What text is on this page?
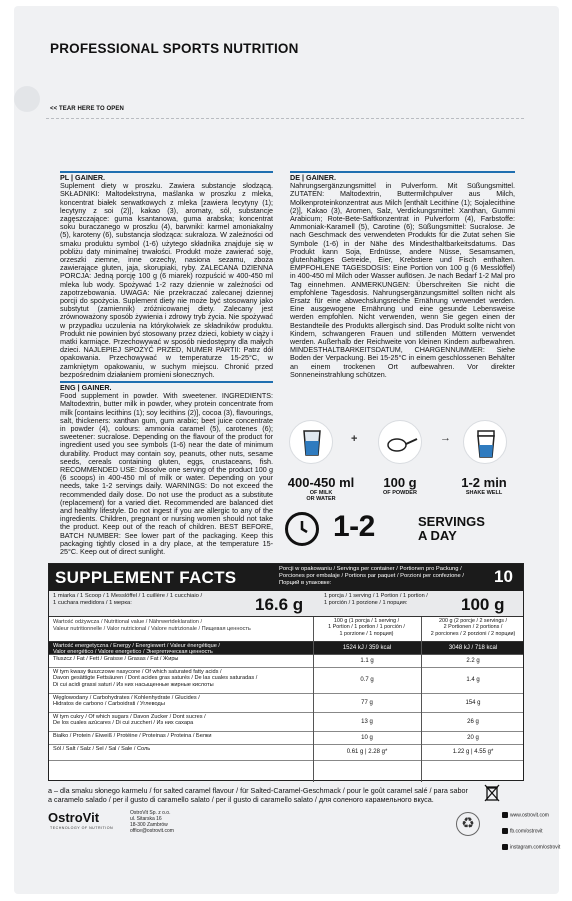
PROFESSIONAL SPORTS NUTRITION
<< TEAR HERE TO OPEN
PL | GAINER.

Suplement diety w proszku. Zawiera substancje słodzącą. SKŁADNIKI: Maltodekstryna, maślanka w proszku z mleka, koncentrat białek serwatkowych z mleka [zawiera lecytyny (1); lecytyny z soi (2)], kakao (3), aromaty, sól, substancje zagęszczające: guma ksantanowa, guma arabska; koncentrat soku buraczanego w proszku (4), barwniki: karmel amoniakalny (5), karoteny (6), substancja słodząca: sukraloza. W zależności od smaku produktu symbol (1-6) użytego składnika znajduje się w pobliżu daty minimalnej trwałości. Produkt może zawierać soję, orzeszki ziemne, inne orzechy, nasiona sezamu, zboża zawierające gluten, jaja, skorupiaki, ryby. ZALECANA DZIENNA PORCJA: Jedną porcję 100 g (6 miarek) rozpuścić w 400-450 ml mleka lub wody. Spożywać 1-2 razy dziennie w zależności od zapotrzebowania. UWAGA: Nie przekraczać zalecanej dziennej porcji do spożycia. Suplement diety nie może być stosowany jako substytut (zamiennik) zróżnicowanej diety. Zalecany jest zrównoważony sposób żywienia i zdrowy tryb życia. Nie spożywać w przypadku uczulenia na którykolwiek ze składników produktu. Produkt nie powinien być stosowany przez dzieci, kobiety w ciąży i matki karmiące. Przechowywać w sposób niedostępny dla małych dzieci. NAJLEPIEJ SPOŻYĆ PRZED, NUMER PARTII: Patrz dół opakowania. Przechowywać w temperaturze 15-25°C, w zamkniętym opakowaniu, w suchym miejscu. Chronić przed bezpośrednim działaniem promieni słonecznych.

DE | GAINER.

Nahrungsergänzungsmittel in Pulverform. Mit Süßungsmittel. ZUTATEN: Maltodextrin, Buttermilchpulver aus Milch, Molkenproteinkonzentrat aus Milch [enthält Lecithine (1); Sojalecithine (2)], Kakao (3), Aromen, Salz, Verdickungsmittel: Xanthan, Gummi Arabicum; Rote-Bete-Saftkonzentrat in Pulverform (4), Farbstoffe: Ammoniak-Karamell (5), Carotine (6); Süßungsmittel: Sucralose. Je nach Geschmack des verwendeten Produkts für die Zutat sehen Sie Symbole (1-6) in der Nähe des Mindesthaltbarkeitsdatums. Das Produkt kann Soja, Erdnüsse, andere Nüsse, Sesamsamen, glutenhaltiges Getreide, Eier, Krebstiere und Fisch enthalten. EMPFOHLENE TAGESDOSIS: Eine Portion von 100 g (6 Messlöffel) in 400-450 ml Milch oder Wasser auflösen. Je nach Bedarf 1-2 Mal pro Tag einnehmen. ANMERKUNGEN: Überschreiten Sie nicht die empfohlene Tagesdosis. Nahrungsergänzungsmittel sollten nicht als Ersatz für eine abwechslungsreiche Ernährung verwendet werden. Eine ausgewogene Ernährung und eine gesunde Lebensweise werden empfohlen. Nicht verwenden, wenn Sie gegen einen der Bestandteile des Produkts allergisch sind. Das Produkt sollte nicht von Kindern, schwangeren Frauen und stillenden Müttern verwendet werden. Außerhalb der Reichweite von kleinen Kindern aufbewahren. MINDESTHALTBARKEITSDATUM, CHARGENNUMMER: Siehe Boden der Verpackung. Bei 15-25°C in einem geschlossenen Behälter an einem trockenen Ort aufbewahren. Vor direkter Sonneneinstrahlung schützen.

ENG | GAINER.

Food supplement in powder. With sweetener. INGREDIENTS: Maltodextrin, butter milk in powder, whey protein concentrate from milk [contains lecithins (1); soy lecithins (2)], cocoa (3), flavourings, salt, thickeners: xanthan gum, gum arabic; beet juice concentrate in powder (4), colours: ammonia caramel (5), carotenes (6); sweetener: sucralose. Depending on the flavour of the product for ingredient used you see symbols (1-6) near the date of minimum durability. Product may contain soy, peanuts, other nuts, sesame seeds, cereals containing gluten, eggs, crustaceans, fish. RECOMMENDED USE: Dissolve one serving of the product 100 g (6 scoops) in 400-450 ml of milk or water. Depending on your needs, take 1-2 servings daily. WARNINGS: Do not exceed the recommended daily dose. Do not use the product as a substitute (replacement) for a varied diet. Recommended are balanced diet and healthy lifestyle. Do not ingest if you are allergic to any of the ingredients. Children, pregnant or nursing women should not take the product. Keep out of the reach of children. BEST BEFORE, BATCH NUMBER: See lower part of the packaging. Keep this packaging tightly closed in a dry place, at the temperature 15-25°C. Keep out of direct sunlight.

+	→
400-450 ml
OF MILK
OR WATER
100 g
OF POWDER
1-2 min
SHAKE WELL
1-2	SERVINGS
A DAY
SUPPLEMENT FACTS	Porcji w opakowaniu / Servings per container / Portionen pro Packung /
Porciones por embalaje / Portions par paquet / Porzioni per confezione /
Порций в упаковке:	10
1 miarka / 1 Scoop / 1 Messlöffel / 1 cuillère / 1 cucchiaio /
1 cuchara medidora / 1 мерка:	16.6 g	1 porcja / 1 serving / 1 Portion / 1 portion /
1 porción / 1 porzione / 1 порция:	100 g
Wartość odżywcza / Nutritional value / Nährwertdeklaration /
Valeur nutritionnelle / Valor nutricional / Valore nutrizionale / Пищевая ценность
100 g (1 porcja / 1 serving /
1 Portion / 1 portion / 1 porción /
1 porzione / 1 порция)
200 g (2 porcje / 2 servings /
2 Portionen / 2 portions /
2 porciones / 2 porzioni / 2 порции)
Wartość energetyczna / Energy / Energiewert / Valeur énergétique /
Valor energético / Valore energetico / Энергетическая ценность
1524 kJ / 359 kcal	3048 kJ / 718 kcal
Tłuszcz / Fat / Fett / Graisse / Grasas / Fat / Жиры	1.1 g	2.2 g
W tym kwasy tłuszczowe nasycone / Of which saturated fatty acids /
Davon gesättigte Fettsäuren / Dont acides gras saturés / De las cuales saturadas /
Di cui acidi grassi saturi / Из них насыщенные жирные кислоты
0.7 g	1.4 g
Węglowodany / Carbohydrates / Kohlenhydrate / Glucides /
Hidratos de carbono / Carboidrati / Углеводы	77 g	154 g
W tym cukry / Of which sugars / Davon Zucker / Dont sucres /
De los cuales azúcares / Di cui zuccheri / Из них сахара	13 g	26 g
Białko / Protein / Eiweiß / Protéine / Proteinas / Proteina / Белки	10 g	20 g
Sól / Salt / Salz / Sel / Sal / Sale / Соль	0.61 g | 2.28 g*	1.22 g | 4.55 g*
a – dla smaku słonego karmelu / for salted caramel flavour / für Salted-Caramel-Geschmack / pour le goût caramel salé / para sabor a caramelo salado / per il gusto di caramello salato / per il gusto di caramello salato / для соленого карамельного вкуса.
OstroVit
TECHNOLOGY OF NUTRITION
OstroVit Sp. z o.o.
ul. Sitarska 16
18-300 Zambrów
office@ostrovit.com	♻	www.ostrovit.com
fb.com/ostrovit
instagram.com/ostrovit
